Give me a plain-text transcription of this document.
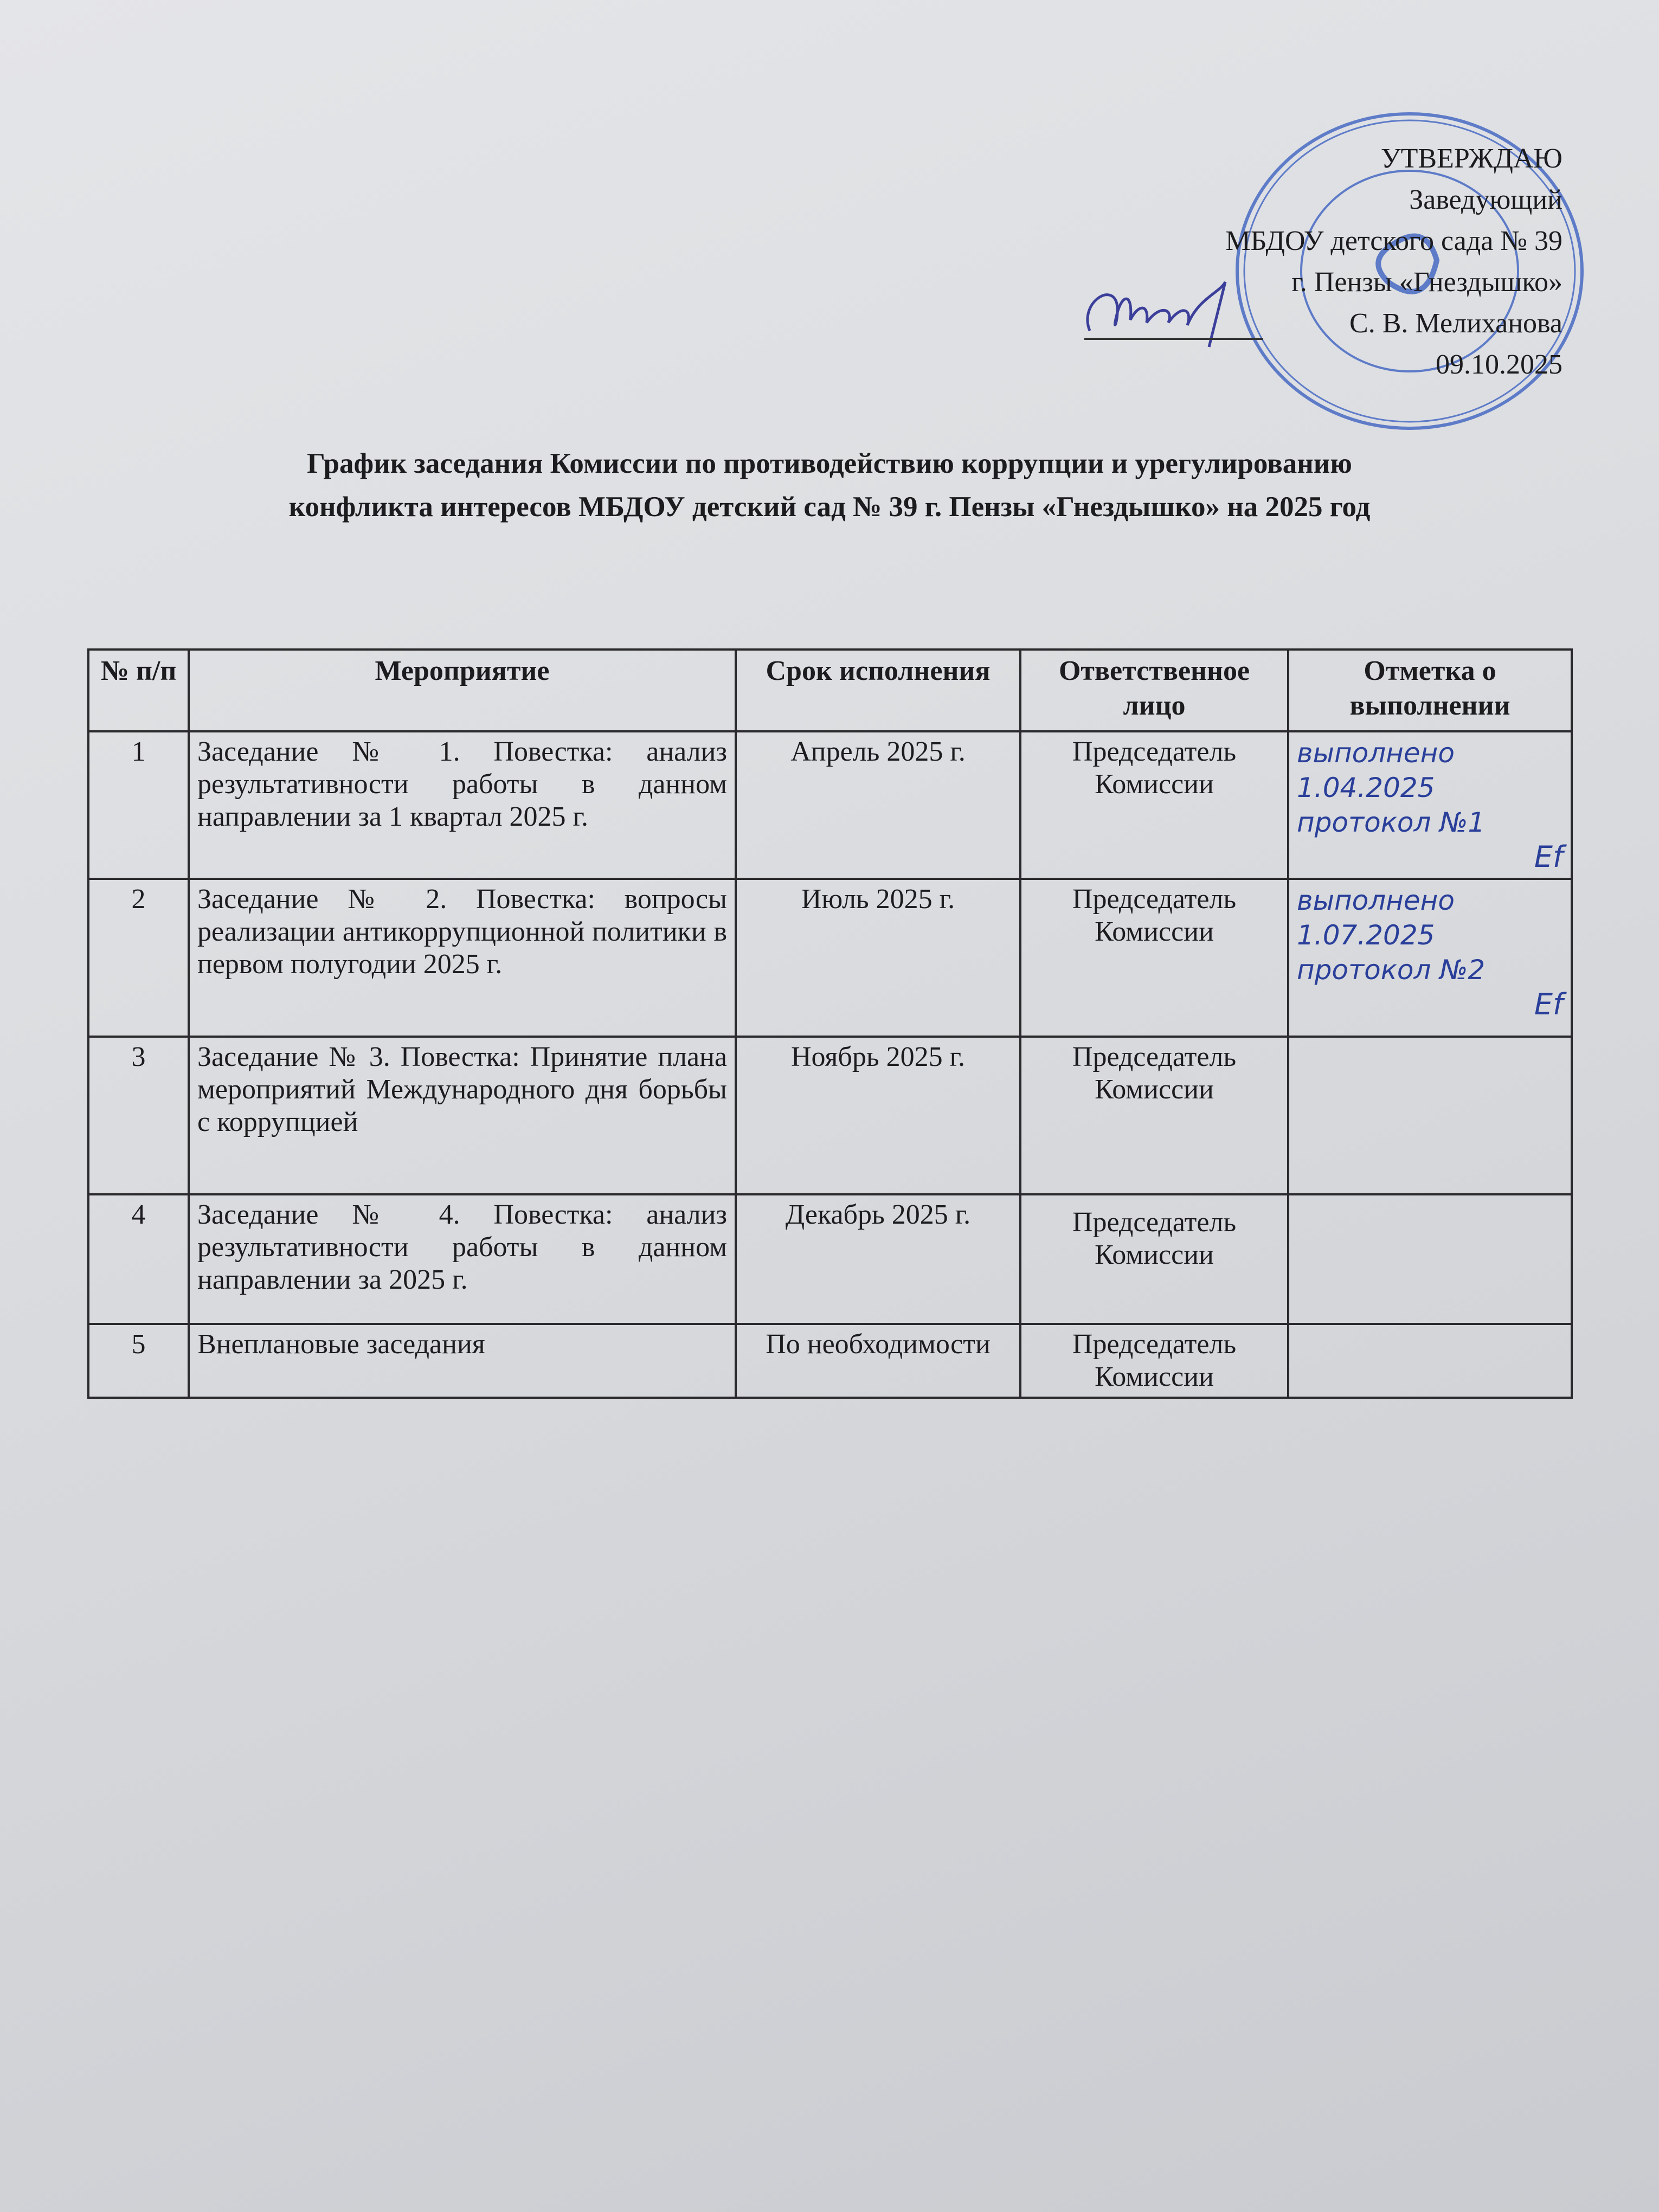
УТВЕРЖДАЮ
Заведующий
МБДОУ детского сада № 39
г. Пензы «Гнездышко»
С. В. Мелиханова
09.10.2025
График заседания Комиссии по противодействию коррупции и урегулированию
конфликта интересов МБДОУ детский сад № 39 г. Пензы «Гнездышко» на 2025 год
№ п/п	Мероприятие	Срок исполнения	Ответственное лицо	Отметка о выполнении
1	Заседание № 1. Повестка: анализ результативности работы в данном направлении за 1 квартал 2025 г.	Апрель 2025 г.	Председатель Комиссии	выполнено
1.04.2025
протокол №1
Ef

2	Заседание № 2. Повестка: вопросы реализации антикоррупционной политики в первом полугодии 2025 г.	Июль 2025 г.	Председатель Комиссии	выполнено
1.07.2025
протокол №2
Ef

3	Заседание № 3. Повестка: Принятие плана мероприятий Международного дня борьбы с коррупцией	Ноябрь 2025 г.	Председатель Комиссии	
4	Заседание № 4. Повестка: анализ результативности работы в данном направлении за 2025 г.	Декабрь 2025 г.	Председатель Комиссии	
5	Внеплановые заседания	По необходимости	Председатель Комиссии	
